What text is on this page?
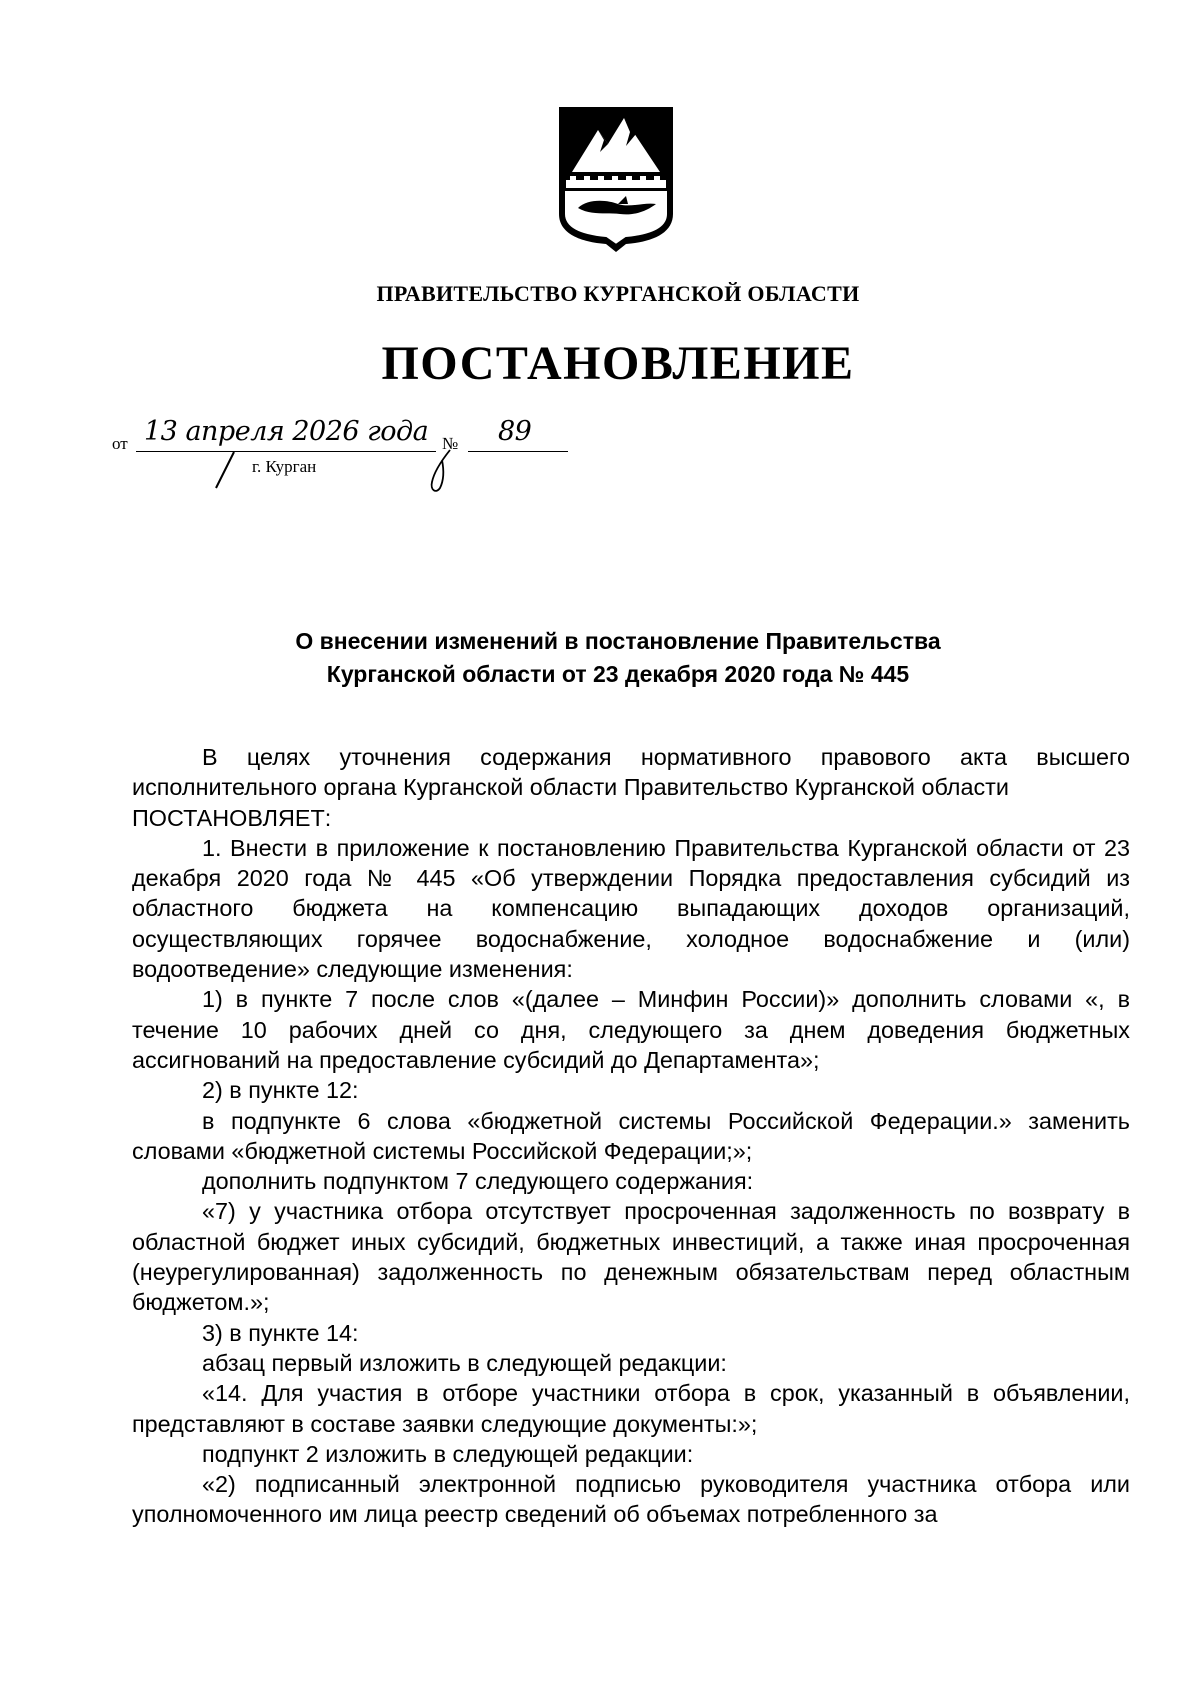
ПРАВИТЕЛЬСТВО КУРГАНСКОЙ ОБЛАСТИ
ПОСТАНОВЛЕНИЕ
от 13 апреля 2026 года № 89
г. Курган
О внесении изменений в постановление Правительства
Курганской области от 23 декабря 2020 года № 445

В целях уточнения содержания нормативного правового акта высшего исполнительного органа Курганской области Правительство Курганской области

ПОСТАНОВЛЯЕТ:

1. Внести в приложение к постановлению Правительства Курганской области от 23 декабря 2020 года № 445 «Об утверждении Порядка предоставления субсидий из областного бюджета на компенсацию выпадающих доходов организаций, осуществляющих горячее водоснабжение, холодное водоснабжение и (или) водоотведение» следующие изменения:

1) в пункте 7 после слов «(далее – Минфин России)» дополнить словами «, в течение 10 рабочих дней со дня, следующего за днем доведения бюджетных ассигнований на предоставление субсидий до Департамента»;

2) в пункте 12:

в подпункте 6 слова «бюджетной системы Российской Федерации.» заменить словами «бюджетной системы Российской Федерации;»;

дополнить подпунктом 7 следующего содержания:

«7) у участника отбора отсутствует просроченная задолженность по возврату в областной бюджет иных субсидий, бюджетных инвестиций, а также иная просроченная (неурегулированная) задолженность по денежным обязательствам перед областным бюджетом.»;

3) в пункте 14:

абзац первый изложить в следующей редакции:

«14. Для участия в отборе участники отбора в срок, указанный в объявлении, представляют в составе заявки следующие документы:»;

подпункт 2 изложить в следующей редакции:

«2) подписанный электронной подписью руководителя участника отбора или уполномоченного им лица реестр сведений об объемах потребленного за
